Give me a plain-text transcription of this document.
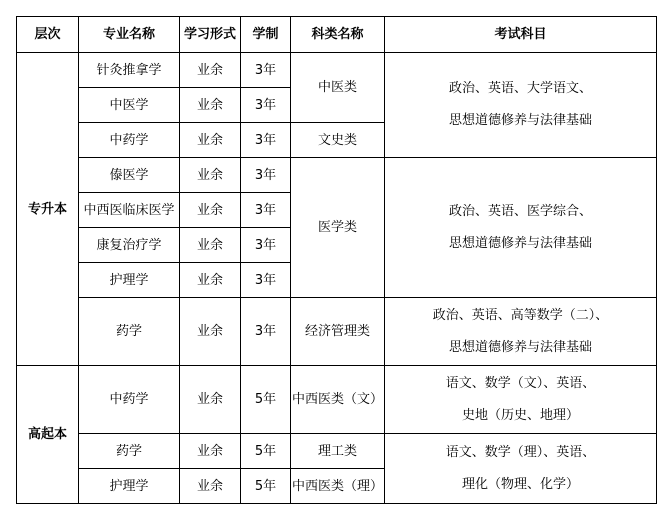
层次	专业名称	学习形式	学制	科类名称	考试科目
专升本	针灸推拿学	业余	3年	中医类	政治、英语、大学语文、
思想道德修养与法律基础

	中医学	业余	3年		
	中药学	业余	3年	文史类	
	傣医学	业余	3年	医学类	政治、英语、医学综合、
思想道德修养与法律基础

	中西医临床医学	业余	3年		
	康复治疗学	业余	3年		
	护理学	业余	3年		
	药学	业余	3年	经济管理类	政治、英语、高等数学（二）、
思想道德修养与法律基础

高起本	中药学	业余	5年	中西医类（文）	语文、数学（文）、英语、
史地（历史、地理）

	药学	业余	5年	理工类	语文、数学（理）、英语、
理化（物理、化学）

	护理学	业余	5年	中西医类（理）	
